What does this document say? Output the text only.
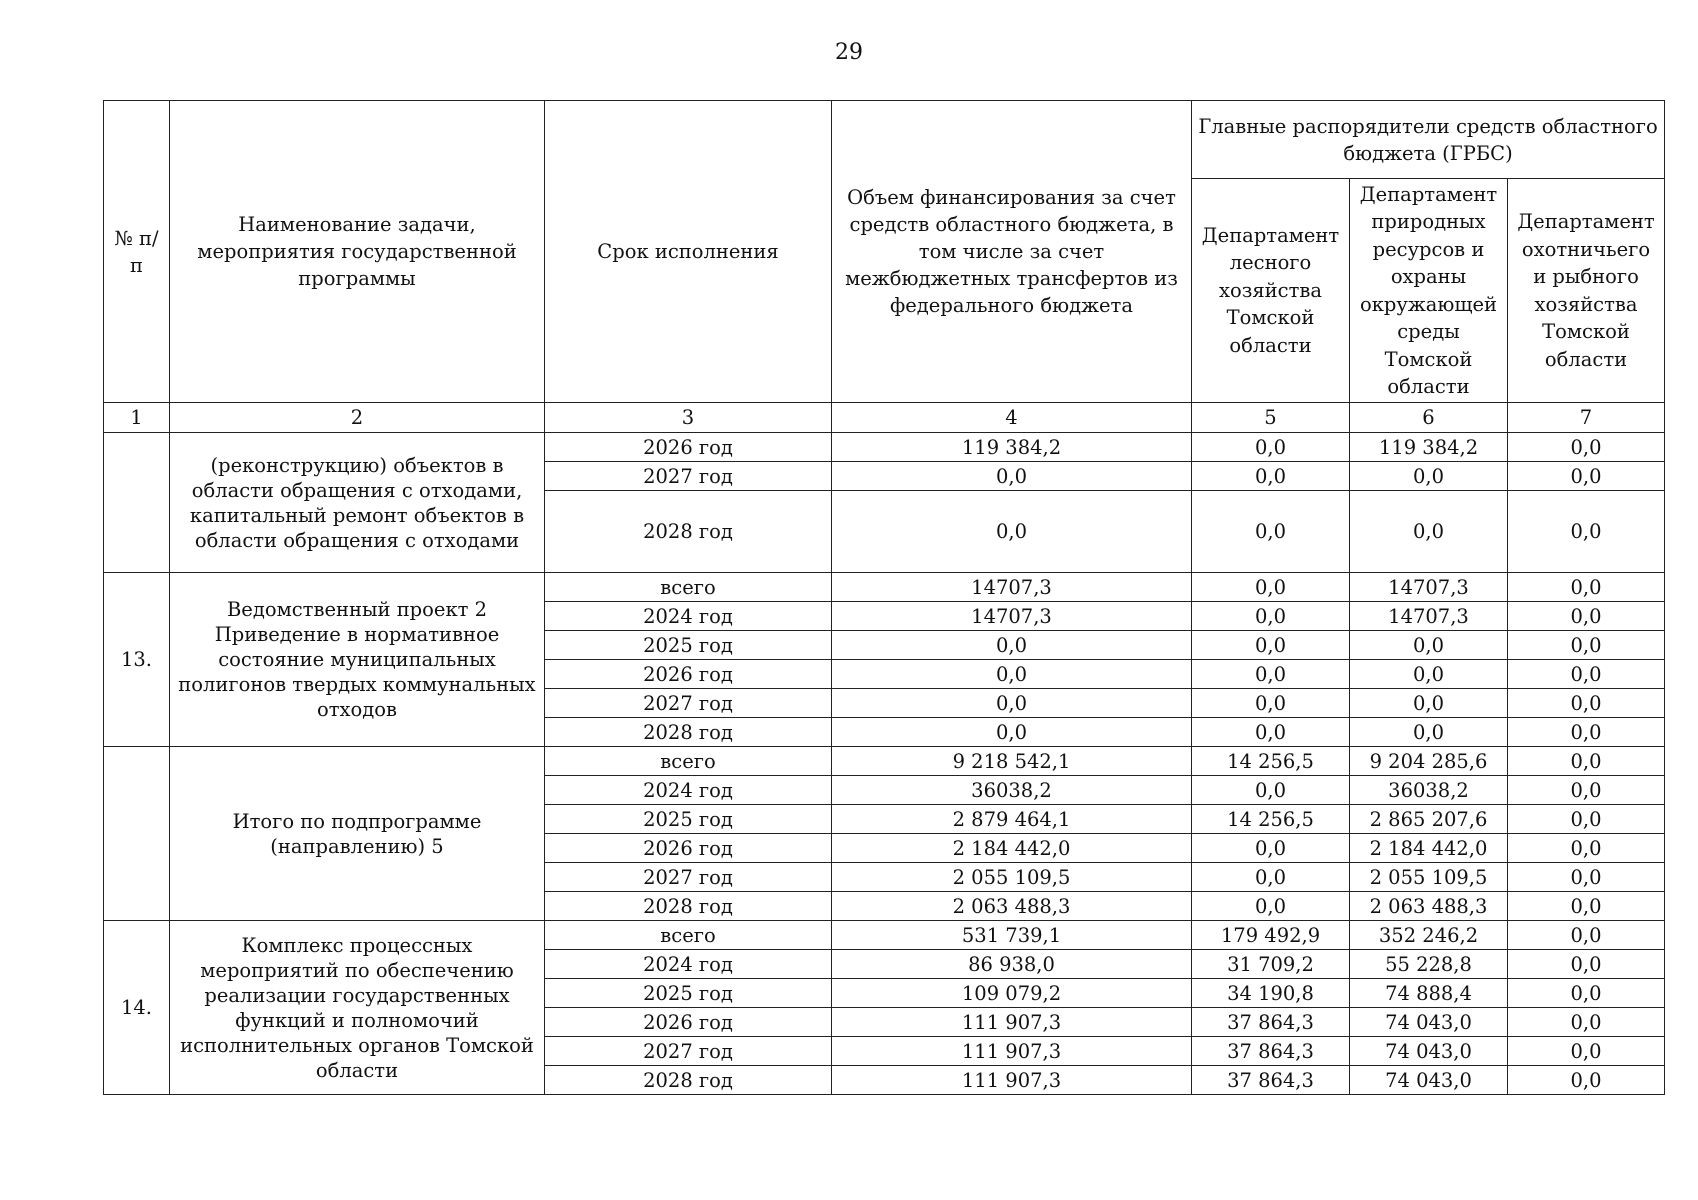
29
№ п/п	Наименование задачи, мероприятия государственной программы	Срок исполнения	Объем финансирования за счет средств областного бюджета, в том числе за счет межбюджетных трансфертов из федерального бюджета	Главные распорядители средств областного бюджета (ГРБС)		
				Департамент лесного хозяйства Томской области	Департамент природных ресурсов и охраны окружающей среды Томской области	Департамент охотничьего и рыбного хозяйства Томской области
1	2	3	4	5	6	7
	(реконструкцию) объектов в области обращения с отходами, капитальный ремонт объектов в области обращения с отходами	2026 год	119 384,2	0,0	119 384,2	0,0
		2027 год	0,0	0,0	0,0	0,0
		2028 год	0,0	0,0	0,0	0,0
13.	Ведомственный проект 2 Приведение в нормативное состояние муниципальных полигонов твердых коммунальных отходов	всего	14707,3	0,0	14707,3	0,0
		2024 год	14707,3	0,0	14707,3	0,0
		2025 год	0,0	0,0	0,0	0,0
		2026 год	0,0	0,0	0,0	0,0
		2027 год	0,0	0,0	0,0	0,0
		2028 год	0,0	0,0	0,0	0,0
	Итого по подпрограмме (направлению) 5	всего	9 218 542,1	14 256,5	9 204 285,6	0,0
		2024 год	36038,2	0,0	36038,2	0,0
		2025 год	2 879 464,1	14 256,5	2 865 207,6	0,0
		2026 год	2 184 442,0	0,0	2 184 442,0	0,0
		2027 год	2 055 109,5	0,0	2 055 109,5	0,0
		2028 год	2 063 488,3	0,0	2 063 488,3	0,0
14.	Комплекс процессных мероприятий по обеспечению реализации государственных функций и полномочий исполнительных органов Томской области	всего	531 739,1	179 492,9	352 246,2	0,0
		2024 год	86 938,0	31 709,2	55 228,8	0,0
		2025 год	109 079,2	34 190,8	74 888,4	0,0
		2026 год	111 907,3	37 864,3	74 043,0	0,0
		2027 год	111 907,3	37 864,3	74 043,0	0,0
		2028 год	111 907,3	37 864,3	74 043,0	0,0
